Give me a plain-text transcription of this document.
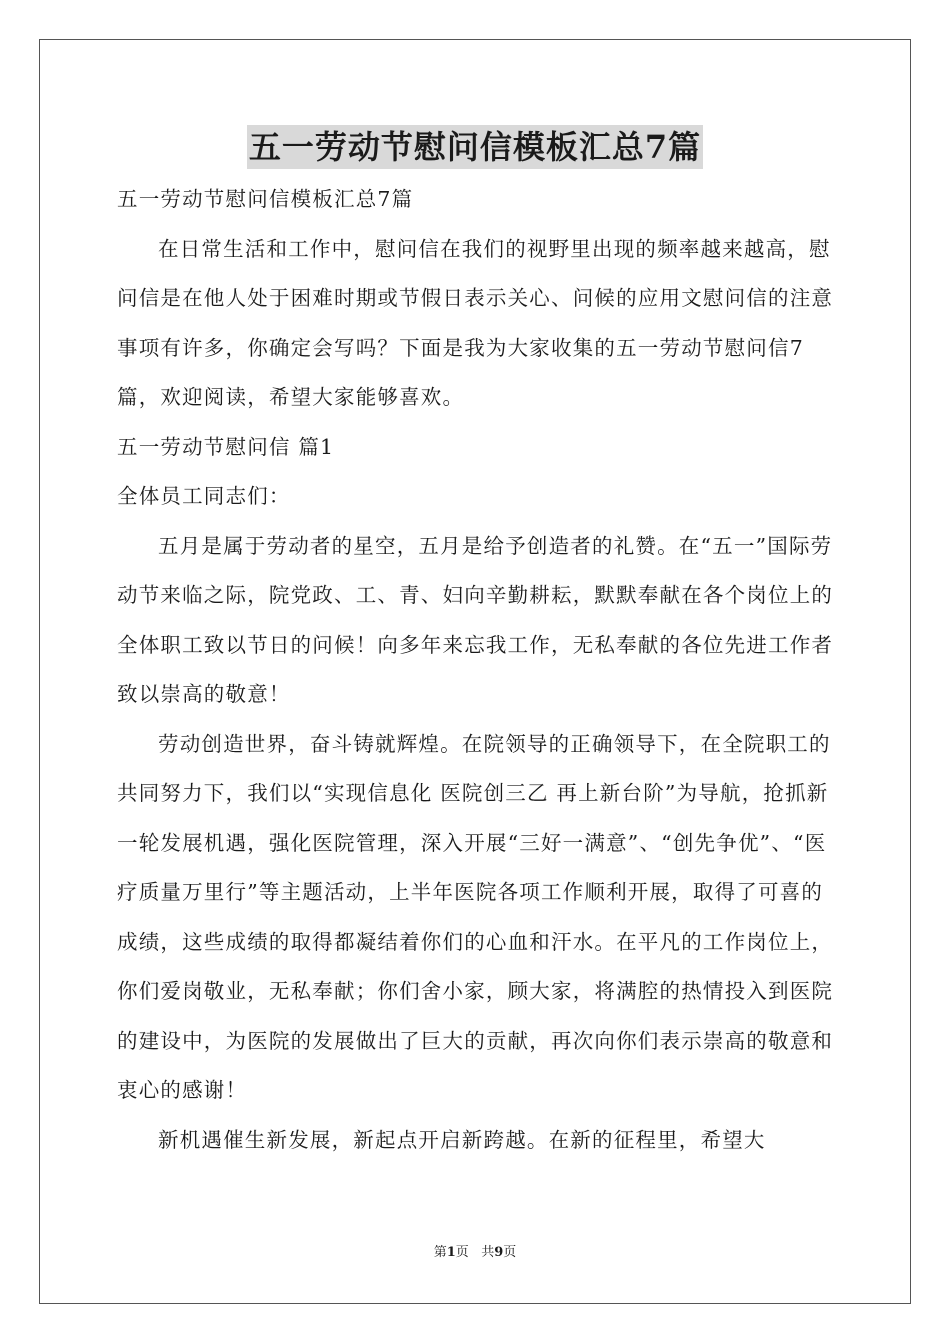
五一劳动节慰问信模板汇总7篇

五一劳动节慰问信模板汇总7篇

在日常生活和工作中，慰问信在我们的视野里出现的频率越来越高，慰问信是在他人处于困难时期或节假日表示关心、问候的应用文慰问信的注意事项有许多，你确定会写吗？下面是我为大家收集的五一劳动节慰问信7篇，欢迎阅读，希望大家能够喜欢。

五一劳动节慰问信 篇1

全体员工同志们：

五月是属于劳动者的星空，五月是给予创造者的礼赞。在“五一”国际劳动节来临之际，院党政、工、青、妇向辛勤耕耘，默默奉献在各个岗位上的全体职工致以节日的问候！向多年来忘我工作，无私奉献的各位先进工作者致以崇高的敬意！

劳动创造世界，奋斗铸就辉煌。在院领导的正确领导下，在全院职工的共同努力下，我们以“实现信息化 医院创三乙 再上新台阶”为导航，抢抓新一轮发展机遇，强化医院管理，深入开展“三好一满意”、“创先争优”、“医疗质量万里行”等主题活动，上半年医院各项工作顺利开展，取得了可喜的成绩，这些成绩的取得都凝结着你们的心血和汗水。在平凡的工作岗位上，你们爱岗敬业，无私奉献；你们舍小家，顾大家，将满腔的热情投入到医院的建设中，为医院的发展做出了巨大的贡献，再次向你们表示崇高的敬意和衷心的感谢！

新机遇催生新发展，新起点开启新跨越。在新的征程里，希望大

第1页 共9页
